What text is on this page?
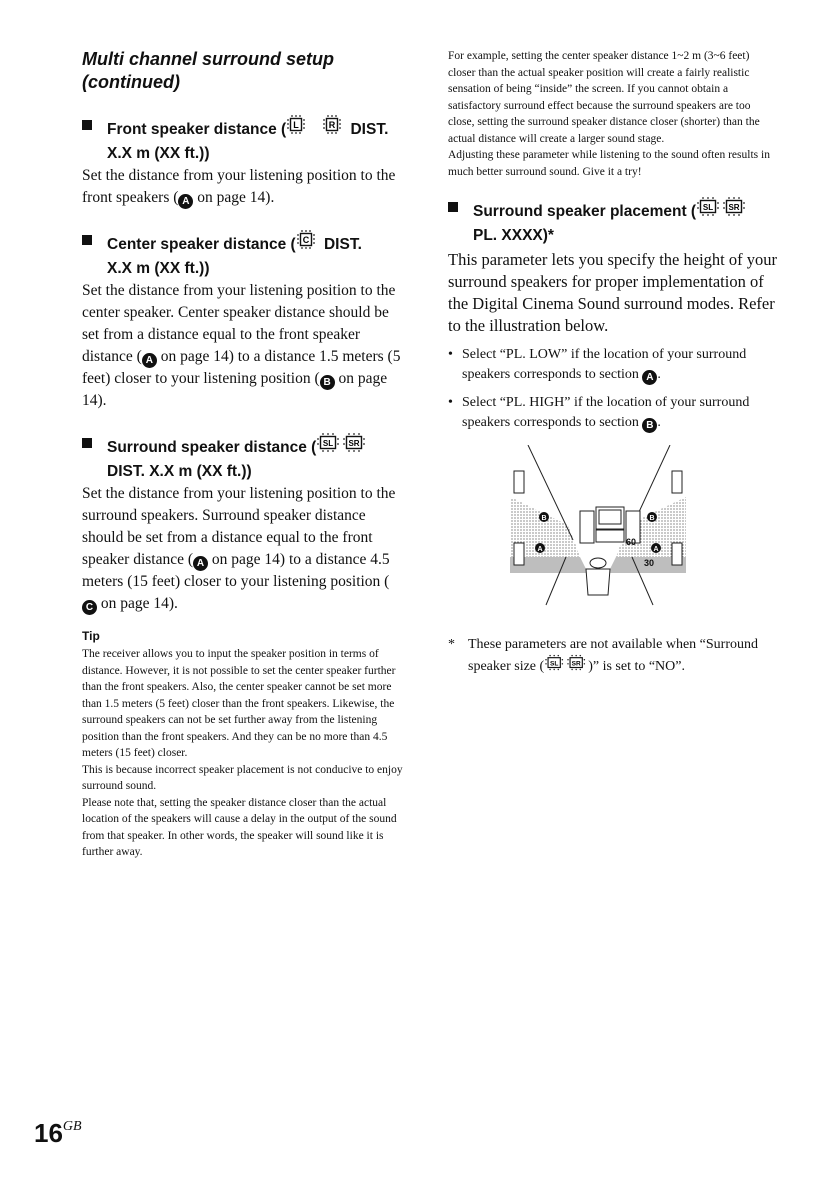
Multi channel surround setup (continued)
Front speaker distance ( L	R DIST.
X.X m (XX ft.))

Set the distance from your listening position to the front speakers ( A on page 14).

Center speaker distance ( C DIST.
X.X m (XX ft.))

Set the distance from your listening position to the center speaker. Center speaker distance should be set from a distance equal to the front speaker distance ( A on page 14) to a distance 1.5 meters (5 feet) closer to your listening position ( B on page 14).

Surround speaker distance ( SL SR
DIST. X.X m (XX ft.))

Set the distance from your listening position to the surround speakers. Surround speaker distance should be set from a distance equal to the front speaker distance ( A on page 14) to a distance 4.5 meters (15 feet) closer to your listening position (C on page 14).

Tip

The receiver allows you to input the speaker position in terms of distance. However, it is not possible to set the center speaker further than the front speakers. Also, the center speaker cannot be set more than 1.5 meters (5 feet) closer than the front speakers. Likewise, the surround speakers can not be set further away from the listening position than the front speakers. And they can be no more than 4.5 meters (15 feet) closer.

This is because incorrect speaker placement is not conducive to enjoy surround sound.

Please note that, setting the speaker distance closer than the actual location of the speakers will cause a delay in the output of the sound from that speaker. In other words, the speaker will sound like it is further away.

For example, setting the center speaker distance 1~2 m (3~6 feet) closer than the actual speaker position will create a fairly realistic sensation of being “inside” the screen. If you cannot obtain a satisfactory surround effect because the surround speakers are too close, setting the surround speaker distance closer (shorter) than the actual distance will create a larger sound stage.

Adjusting these parameter while listening to the sound often results in much better surround sound. Give it a try!

Surround speaker placement ( SL SR
PL. XXXX)*

This parameter lets you specify the height of your surround speakers for proper implementation of the Digital Cinema Sound surround modes. Refer to the illustration below.

• Select “PL. LOW” if the location of your surround speakers corresponds to section A .

• Select “PL. HIGH” if the location of your surround speakers corresponds to section B .

B	B
A	A
60
30

* These parameters are not available when “Surround speaker size ( SL SR )” is set to “NO”.

$16^{GB}$
